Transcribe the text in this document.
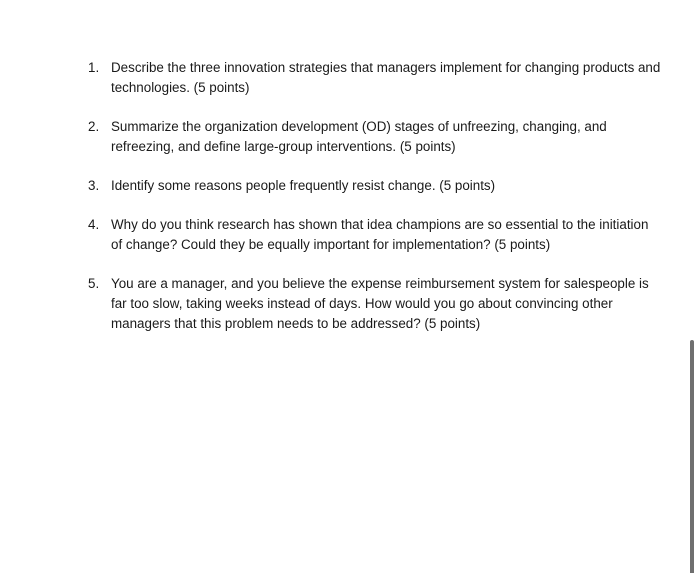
1. Describe the three innovation strategies that managers implement for changing products and technologies. (5 points)
2. Summarize the organization development (OD) stages of unfreezing, changing, and refreezing, and define large-group interventions. (5 points)
3. Identify some reasons people frequently resist change. (5 points)
4. Why do you think research has shown that idea champions are so essential to the initiation of change? Could they be equally important for implementation? (5 points)
5. You are a manager, and you believe the expense reimbursement system for salespeople is far too slow, taking weeks instead of days. How would you go about convincing other managers that this problem needs to be addressed? (5 points)
